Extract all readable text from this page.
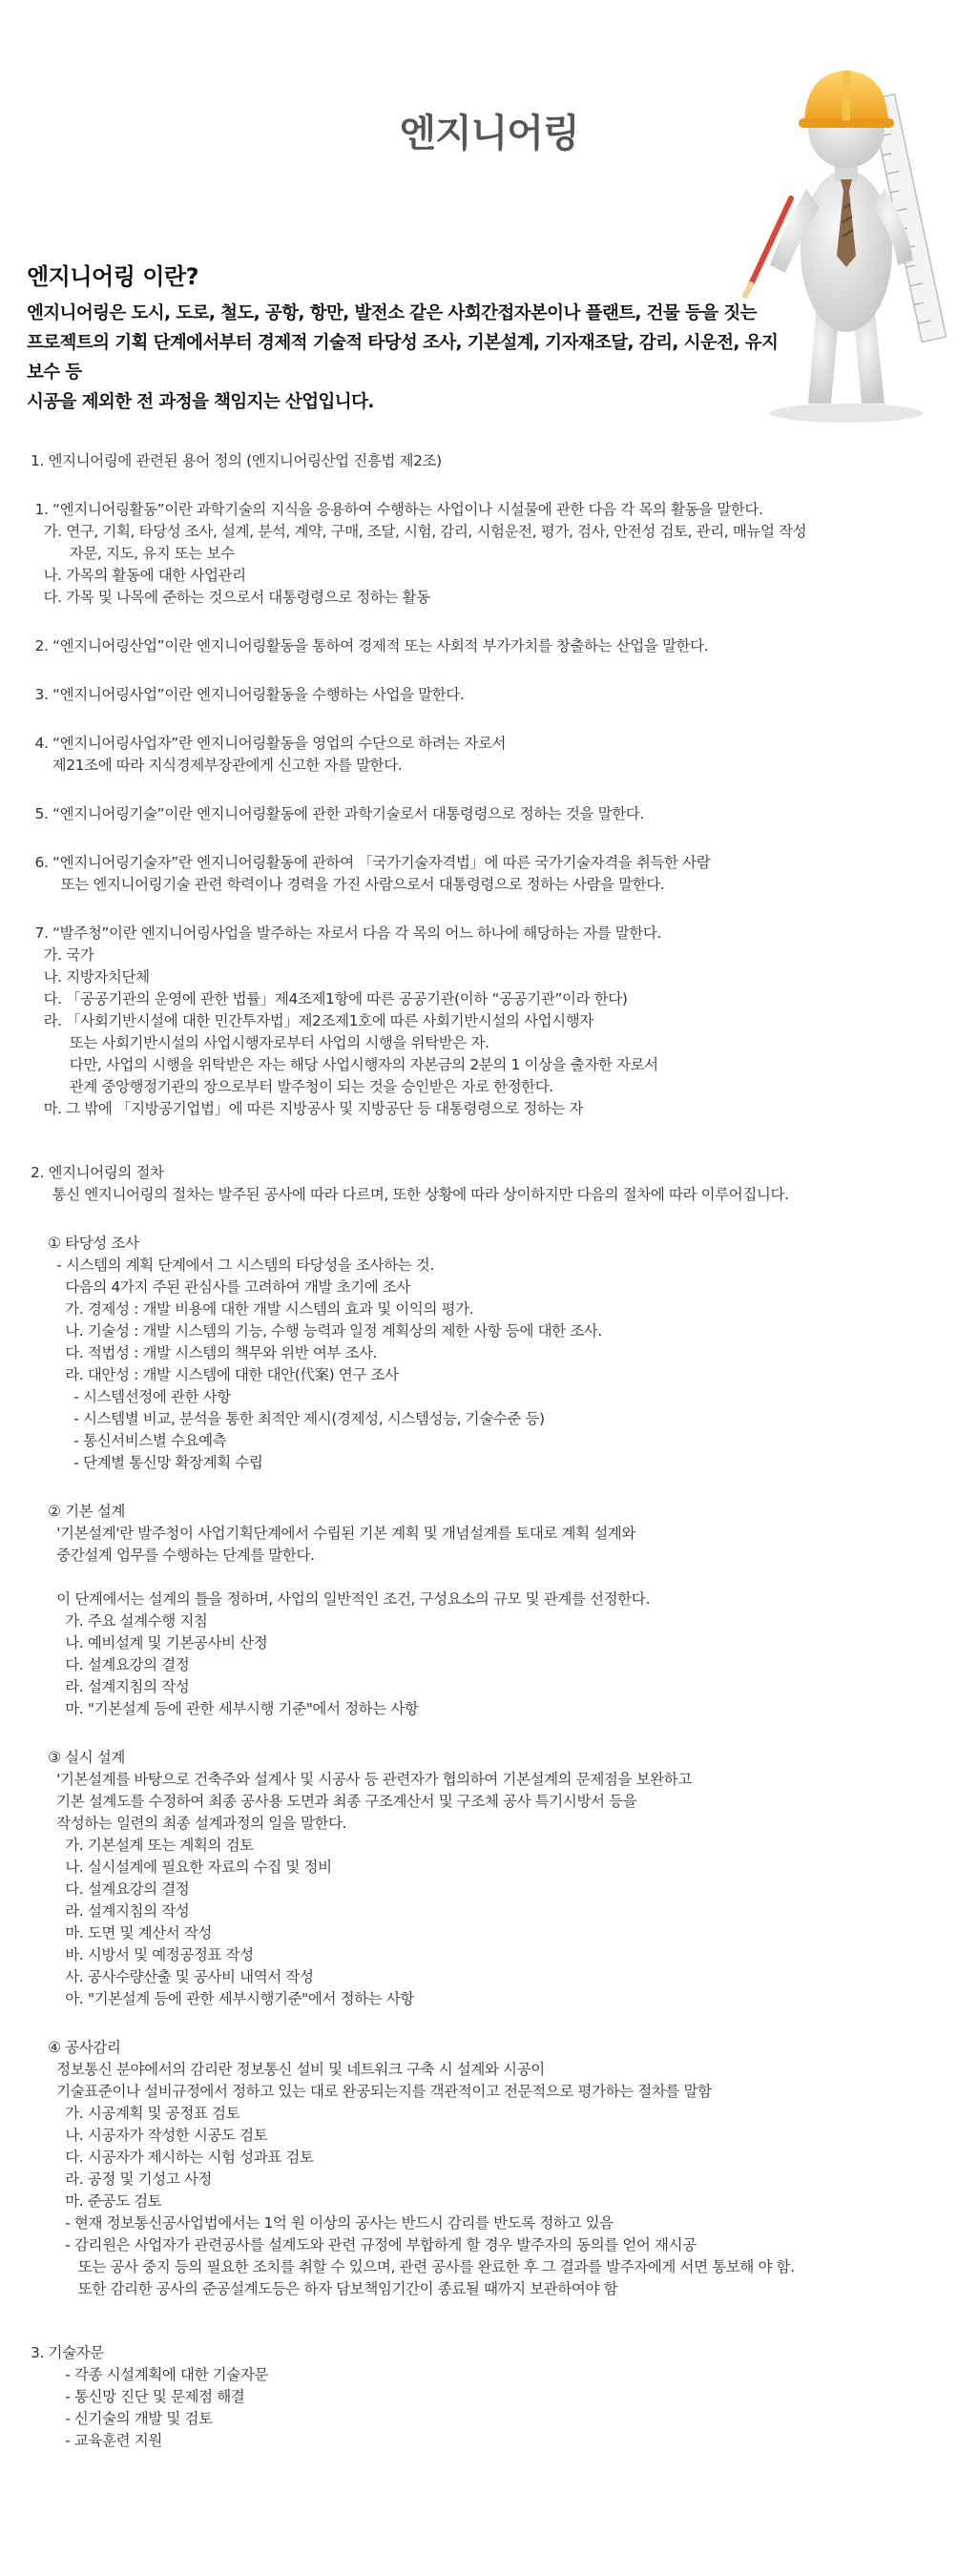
엔지니어링
엔지니어링 이란?

엔지니어링은 도시, 도로, 철도, 공항, 항만, 발전소 같은 사회간접자본이나 플랜트, 건물 등을 짓는

프로젝트의 기획 단계에서부터 경제적 기술적 타당성 조사, 기본설계, 기자재조달, 감리, 시운전, 유지보수 등

시공을 제외한 전 과정을 책임지는 산업입니다.

1. 엔지니어링에 관련된 용어 정의 (엔지니어링산업 진흥법 제2조)
1. “엔지니어링활동”이란 과학기술의 지식을 응용하여 수행하는 사업이나 시설물에 관한 다음 각 목의 활동을 말한다.
가. 연구, 기획, 타당성 조사, 설계, 분석, 계약, 구매, 조달, 시험, 감리, 시험운전, 평가, 검사, 안전성 검토, 관리, 매뉴얼 작성
자문, 지도, 유지 또는 보수
나. 가목의 활동에 대한 사업관리
다. 가목 및 나목에 준하는 것으로서 대통령령으로 정하는 활동
2. “엔지니어링산업”이란 엔지니어링활동을 통하여 경제적 또는 사회적 부가가치를 창출하는 산업을 말한다.
3. “엔지니어링사업”이란 엔지니어링활동을 수행하는 사업을 말한다.
4. “엔지니어링사업자”란 엔지니어링활동을 영업의 수단으로 하려는 자로서
제21조에 따라 지식경제부장관에게 신고한 자를 말한다.
5. “엔지니어링기술”이란 엔지니어링활동에 관한 과학기술로서 대통령령으로 정하는 것을 말한다.
6. “엔지니어링기술자”란 엔지니어링활동에 관하여 「국가기술자격법」에 따른 국가기술자격을 취득한 사람
또는 엔지니어링기술 관련 학력이나 경력을 가진 사람으로서 대통령령으로 정하는 사람을 말한다.
7. “발주청”이란 엔지니어링사업을 발주하는 자로서 다음 각 목의 어느 하나에 해당하는 자를 말한다.
가. 국가
나. 지방자치단체
다. 「공공기관의 운영에 관한 법률」제4조제1항에 따른 공공기관(이하 “공공기관”이라 한다)
라. 「사회기반시설에 대한 민간투자법」제2조제1호에 따른 사회기반시설의 사업시행자
또는 사회기반시설의 사업시행자로부터 사업의 시행을 위탁받은 자.
다만, 사업의 시행을 위탁받은 자는 해당 사업시행자의 자본금의 2분의 1 이상을 출자한 자로서
관계 중앙행정기관의 장으로부터 발주청이 되는 것을 승인받은 자로 한정한다.
마. 그 밖에 「지방공기업법」에 따른 지방공사 및 지방공단 등 대통령령으로 정하는 자
2. 엔지니어링의 절차
통신 엔지니어링의 절차는 발주된 공사에 따라 다르며, 또한 상황에 따라 상이하지만 다음의 절차에 따라 이루어집니다.
① 타당성 조사
- 시스템의 계획 단계에서 그 시스템의 타당성을 조사하는 것.
다음의 4가지 주된 관심사를 고려하여 개발 초기에 조사
가. 경제성 : 개발 비용에 대한 개발 시스템의 효과 및 이익의 평가.
나. 기술성 : 개발 시스템의 기능, 수행 능력과 일정 계획상의 제한 사항 등에 대한 조사.
다. 적법성 : 개발 시스템의 책무와 위반 여부 조사.
라. 대안성 : 개발 시스템에 대한 대안(代案) 연구 조사
- 시스템선정에 관한 사항
- 시스템별 비교, 분석을 통한 최적안 제시(경제성, 시스템성능, 기술수준 등)
- 통신서비스별 수요예측
- 단계별 통신망 확장계획 수립
② 기본 설계
'기본설계'란 발주청이 사업기획단계에서 수립된 기본 계획 및 개념설계를 토대로 계획 설계와
중간설계 업무를 수행하는 단계를 말한다.
이 단계에서는 설계의 틀을 정하며, 사업의 일반적인 조건, 구성요소의 규모 및 관계를 선정한다.
가. 주요 설계수행 지침
나. 예비설계 및 기본공사비 산정
다. 설계요강의 결정
라. 설계지침의 작성
마. "기본설계 등에 관한 세부시행 기준"에서 정하는 사항
③ 실시 설계
'기본설계를 바탕으로 건축주와 설계사 및 시공사 등 관련자가 협의하여 기본설계의 문제점을 보완하고
기본 설계도를 수정하여 최종 공사용 도면과 최종 구조계산서 및 구조체 공사 특기시방서 등을
작성하는 일련의 최종 설계과정의 일을 말한다.
가. 기본설계 또는 계획의 검토
나. 실시설계에 필요한 자료의 수집 및 정비
다. 설계요강의 결정
라. 설계지침의 작성
마. 도면 및 계산서 작성
바. 시방서 및 예정공정표 작성
사. 공사수량산출 및 공사비 내역서 작성
아. "기본설계 등에 관한 세부시행기준"에서 정하는 사항
④ 공사감리
정보통신 분야에서의 감리란 정보통신 설비 및 네트워크 구축 시 설계와 시공이
기술표준이나 설비규정에서 정하고 있는 대로 완공되는지를 객관적이고 전문적으로 평가하는 절차를 말함
가. 시공계획 및 공정표 검토
나. 시공자가 작성한 시공도 검토
다. 시공자가 제시하는 시험 성과표 검토
라. 공정 및 기성고 사정
마. 준공도 검토
- 현재 정보통신공사업법에서는 1억 원 이상의 공사는 반드시 감리를 반도록 정하고 있음
- 감리원은 사업자가 관련공사를 설계도와 관련 규정에 부합하게 할 경우 발주자의 동의를 얻어 재시공
또는 공사 중지 등의 필요한 조치를 취할 수 있으며, 관련 공사를 완료한 후 그 결과를 발주자에게 서면 통보해 야 함.
또한 감리한 공사의 준공설계도등은 하자 담보책임기간이 종료될 때까지 보관하여야 함
3. 기술자문
- 각종 시설계획에 대한 기술자문
- 통신망 진단 및 문제점 해결
- 신기술의 개발 및 검토
- 교육훈련 지원
